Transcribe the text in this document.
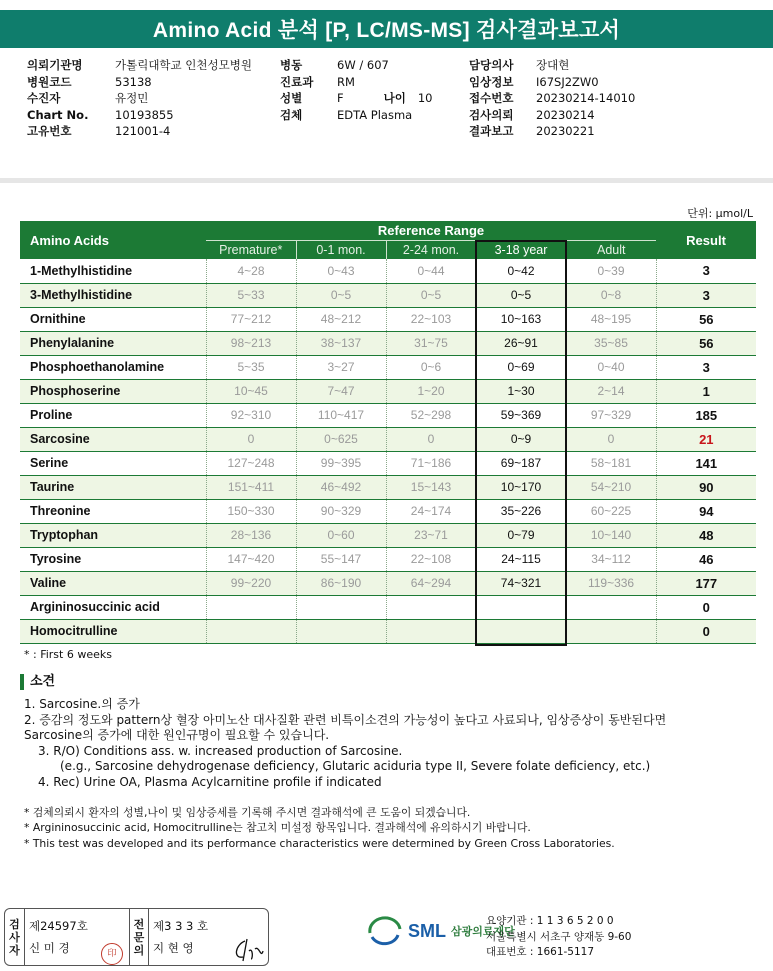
Amino Acid 분석 [P, LC/MS-MS] 검사결과보고서
의뢰기관명	가톨릭대학교 인천성모병원
병원코드	53138
수진자	유정민
Chart No.	10193855
고유번호	121001-4
병동	6W / 607
진료과	RM
성별	F	나이 10
검체	EDTA Plasma
담당의사	장대현
임상정보	I67SJ2ZW0
접수번호	20230214-14010
검사의뢰	20230214
결과보고	20230221
단위: µmol/L
Amino Acids	Reference Range					Result
	Premature*	0-1 mon.	2-24 mon.	3-18 year	Adult	
1-Methylhistidine	4~28	0~43	0~44	0~42	0~39	3
3-Methylhistidine	5~33	0~5	0~5	0~5	0~8	3
Ornithine	77~212	48~212	22~103	10~163	48~195	56
Phenylalanine	98~213	38~137	31~75	26~91	35~85	56
Phosphoethanolamine	5~35	3~27	0~6	0~69	0~40	3
Phosphoserine	10~45	7~47	1~20	1~30	2~14	1
Proline	92~310	110~417	52~298	59~369	97~329	185
Sarcosine	0	0~625	0	0~9	0	21
Serine	127~248	99~395	71~186	69~187	58~181	141
Taurine	151~411	46~492	15~143	10~170	54~210	90
Threonine	150~330	90~329	24~174	35~226	60~225	94
Tryptophan	28~136	0~60	23~71	0~79	10~140	48
Tyrosine	147~420	55~147	22~108	24~115	34~112	46
Valine	99~220	86~190	64~294	74~321	119~336	177
Argininosuccinic acid						0
Homocitrulline						0
* : First 6 weeks
소견
1. Sarcosine.의 증가
2. 증감의 정도와 pattern상 혈장 아미노산 대사질환 관련 비특이소견의 가능성이 높다고 사료되나, 임상증상이 동반된다면
Sarcosine의 증가에 대한 원인규명이 필요할 수 있습니다.
3. R/O) Conditions ass. w. increased production of Sarcosine.
(e.g., Sarcosine dehydrogenase deficiency, Glutaric aciduria type II, Severe folate deficiency, etc.)
4. Rec) Urine OA, Plasma Acylcarnitine profile if indicated
* 검체의뢰시 환자의 성별,나이 및 임상증세를 기록해 주시면 결과해석에 큰 도움이 되겠습니다.
* Argininosuccinic acid, Homocitrulline는 참고치 미설정 항목입니다. 결과해석에 유의하시기 바랍니다.
* This test was developed and its performance characteristics were determined by Green Cross Laboratories.
검
사
자
제24597호
신 미 경	印
전
문
의
제3 3 3 호
지 현 영
SML 삼광의료재단
요양기관 : 1 1 3 6 5 2 0 0
서울특별시 서초구 양재동 9-60
대표번호 : 1661-5117
